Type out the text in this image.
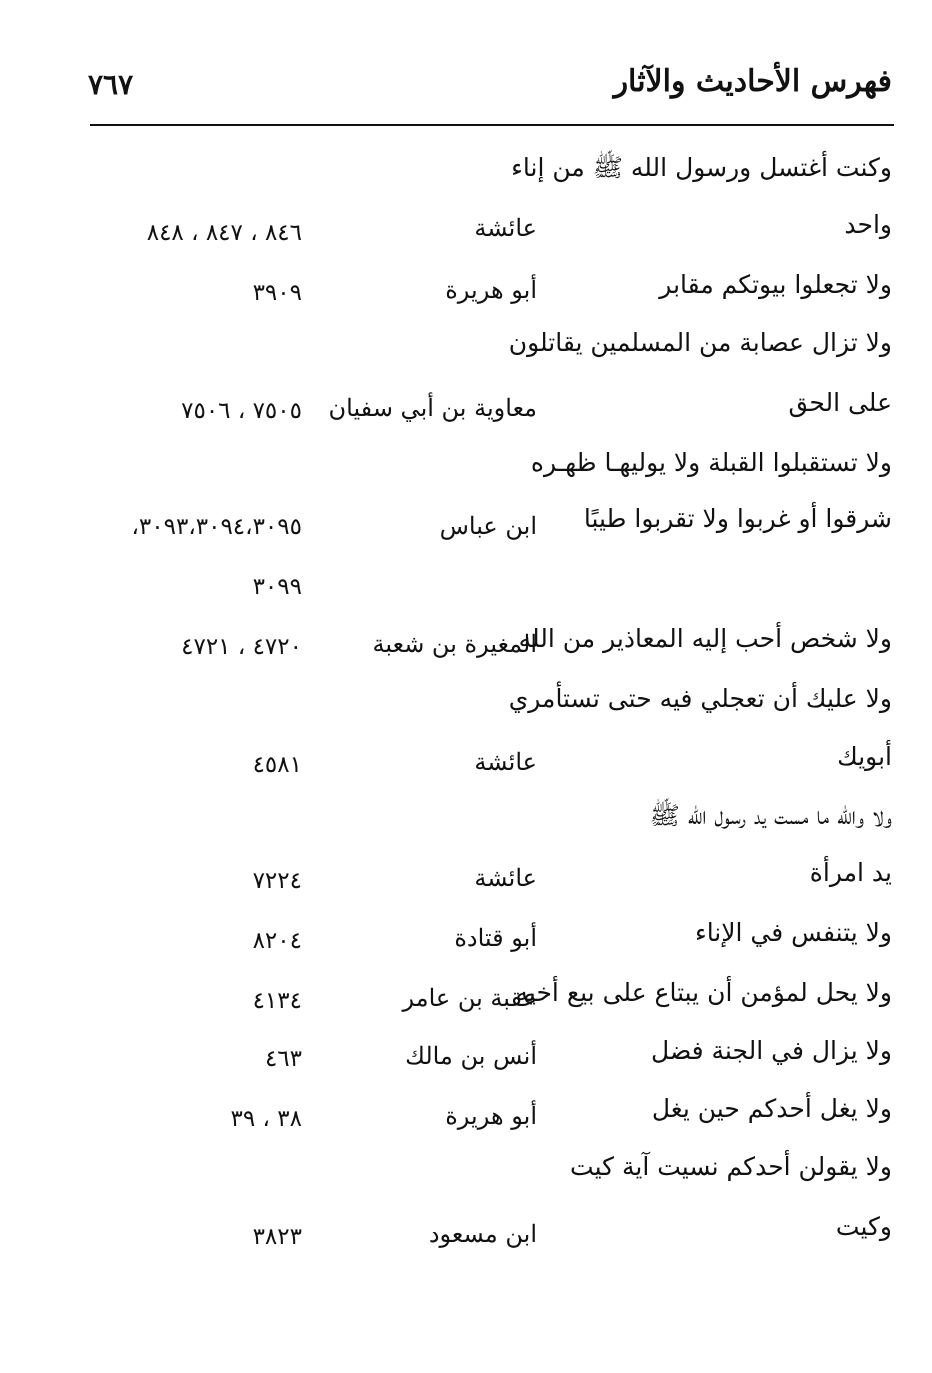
فهرس الأحاديث والآثار
٧٦٧
وكنت أغتسل ورسول الله ﷺ من إناء
واحد
عائشة
٨٤٦ ، ٨٤٧ ، ٨٤٨
ولا تجعلوا بيوتكم مقابر
أبو هريرة
٣٩٠٩
ولا تزال عصابة من المسلمين يقاتلون
على الحق
معاوية بن أبي سفيان
٧٥٠٥ ، ٧٥٠٦
ولا تستقبلوا القبلة ولا يوليهـا ظهـره
شرقوا أو غربوا ولا تقربوا طيبًا
ابن عباس
٣٠٩٣،٣٠٩٤،٣٠٩٥،
٣٠٩٩
ولا شخص أحب إليه المعاذير من الله
المغيرة بن شعبة
٤٧٢٠ ، ٤٧٢١
ولا عليك أن تعجلي فيه حتى تستأمري
أبويك
عائشة
٤٥٨١
ولا والله ما مست يد رسول الله ﷺ
يد امرأة
عائشة
٧٢٢٤
ولا يتنفس في الإناء
أبو قتادة
٨٢٠٤
ولا يحل لمؤمن أن يبتاع على بيع أخيه
عقبة بن عامر
٤١٣٤
ولا يزال في الجنة فضل
أنس بن مالك
٤٦٣
ولا يغل أحدكم حين يغل
أبو هريرة
٣٨ ، ٣٩
ولا يقولن أحدكم نسيت آية كيت
وكيت
ابن مسعود
٣٨٢٣
